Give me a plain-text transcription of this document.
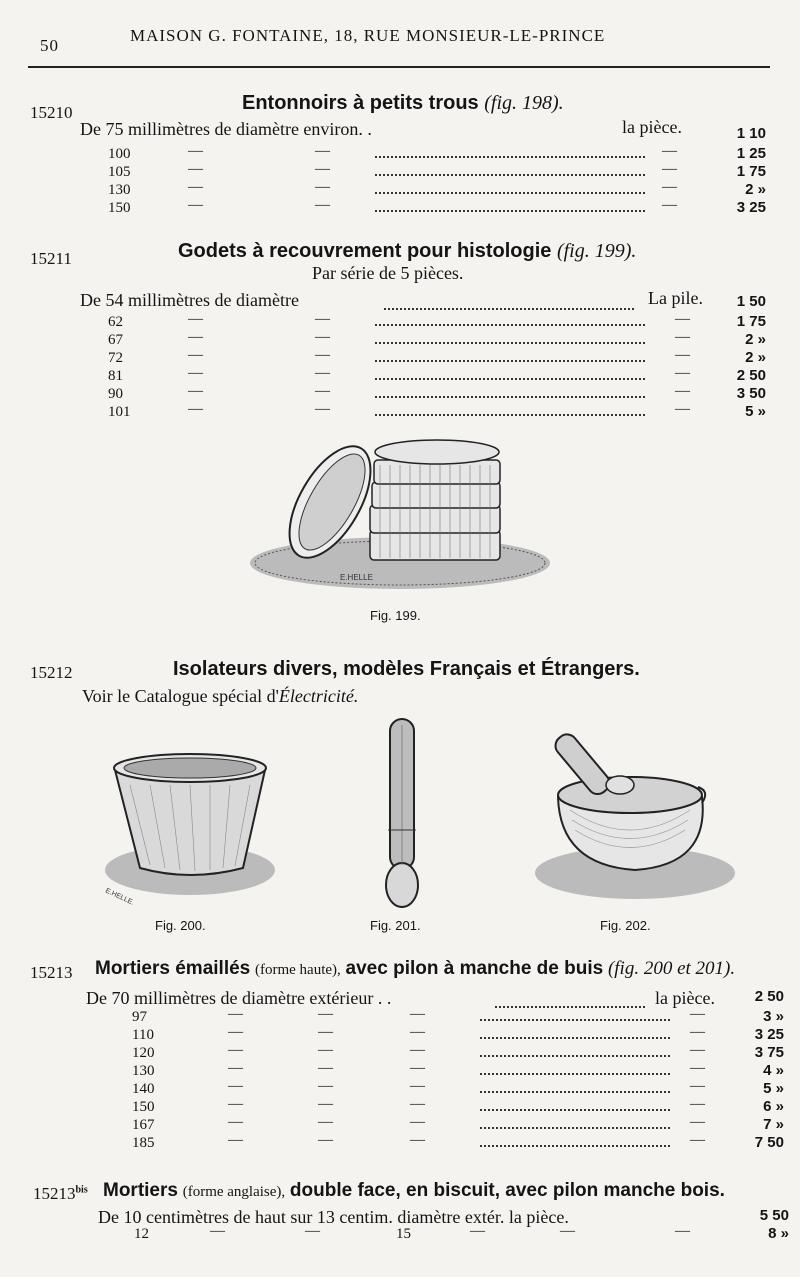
50
MAISON G. FONTAINE, 18, RUE MONSIEUR-LE-PRINCE
15210	Entonnoirs à petits trous (fig. 198).
De 75 millimètres de diamètre environ. .	la pièce.	1 10
100	—	—	—	1 25
105	—	—	—	1 75
130	—	—	—	2 »
150	—	—	—	3 25
15211	Godets à recouvrement pour histologie (fig. 199).
Par série de 5 pièces.
De 54 millimètres de diamètre	La pile.	1 50
62	—	—	—	1 75
67	—	—	—	2 »
72	—	—	—	2 »
81	—	—	—	2 50
90	—	—	—	3 50
101	—	—	—	5 »
E.HELLE
Fig. 199.
15212	Isolateurs divers, modèles Français et Étrangers.
Voir le Catalogue spécial d'Électricité.
E.HELLE.
Fig. 200.	Fig. 201.	Fig. 202.
15213 Mortiers émaillés (forme haute), avec pilon à manche de buis (fig. 200 et 201).
De 70 millimètres de diamètre extérieur . .	la pièce.	2 50
97	—	—	—	—	3 »
110	—	—	—	—	3 25
120	—	—	—	—	3 75
130	—	—	—	—	4 »
140	—	—	—	—	5 »
150	—	—	—	—	6 »
167	—	—	—	—	7 »
185	—	—	—	—	7 50
$15213^{bis}$ Mortiers (forme anglaise), double face, en biscuit, avec pilon manche bois.
De 10 centimètres de haut sur 13 centim. diamètre extér. la pièce.	5 50
12	—	—	15	—	—	—	8 »
